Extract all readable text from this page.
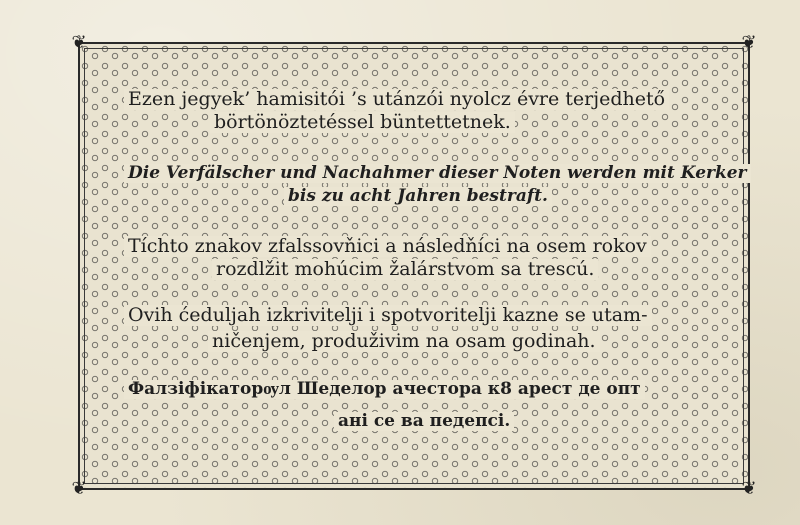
❦	❦
❦	❦
Ezen jegyek’ hamisitói ’s utánzói nyolcz évre terjedhető
börtönöztetéssel büntettetnek.
Die Verfälscher und Nachahmer dieser Noten werden mit Kerker
bis zu acht Jahren bestraft.
Tíchto znakov zfalssovňici a následňíci na osem rokov
rozdlžit mohúcim žalárstvom sa trescú.
Ovih ćeduljah izkrivitelji i spotvoritelji kazne se utam-
ničenjem, produživim na osam godinah.
Фалзіфікаторѹл Шеделор ачестора к8 арест де опт
ані се ва педепсі.
